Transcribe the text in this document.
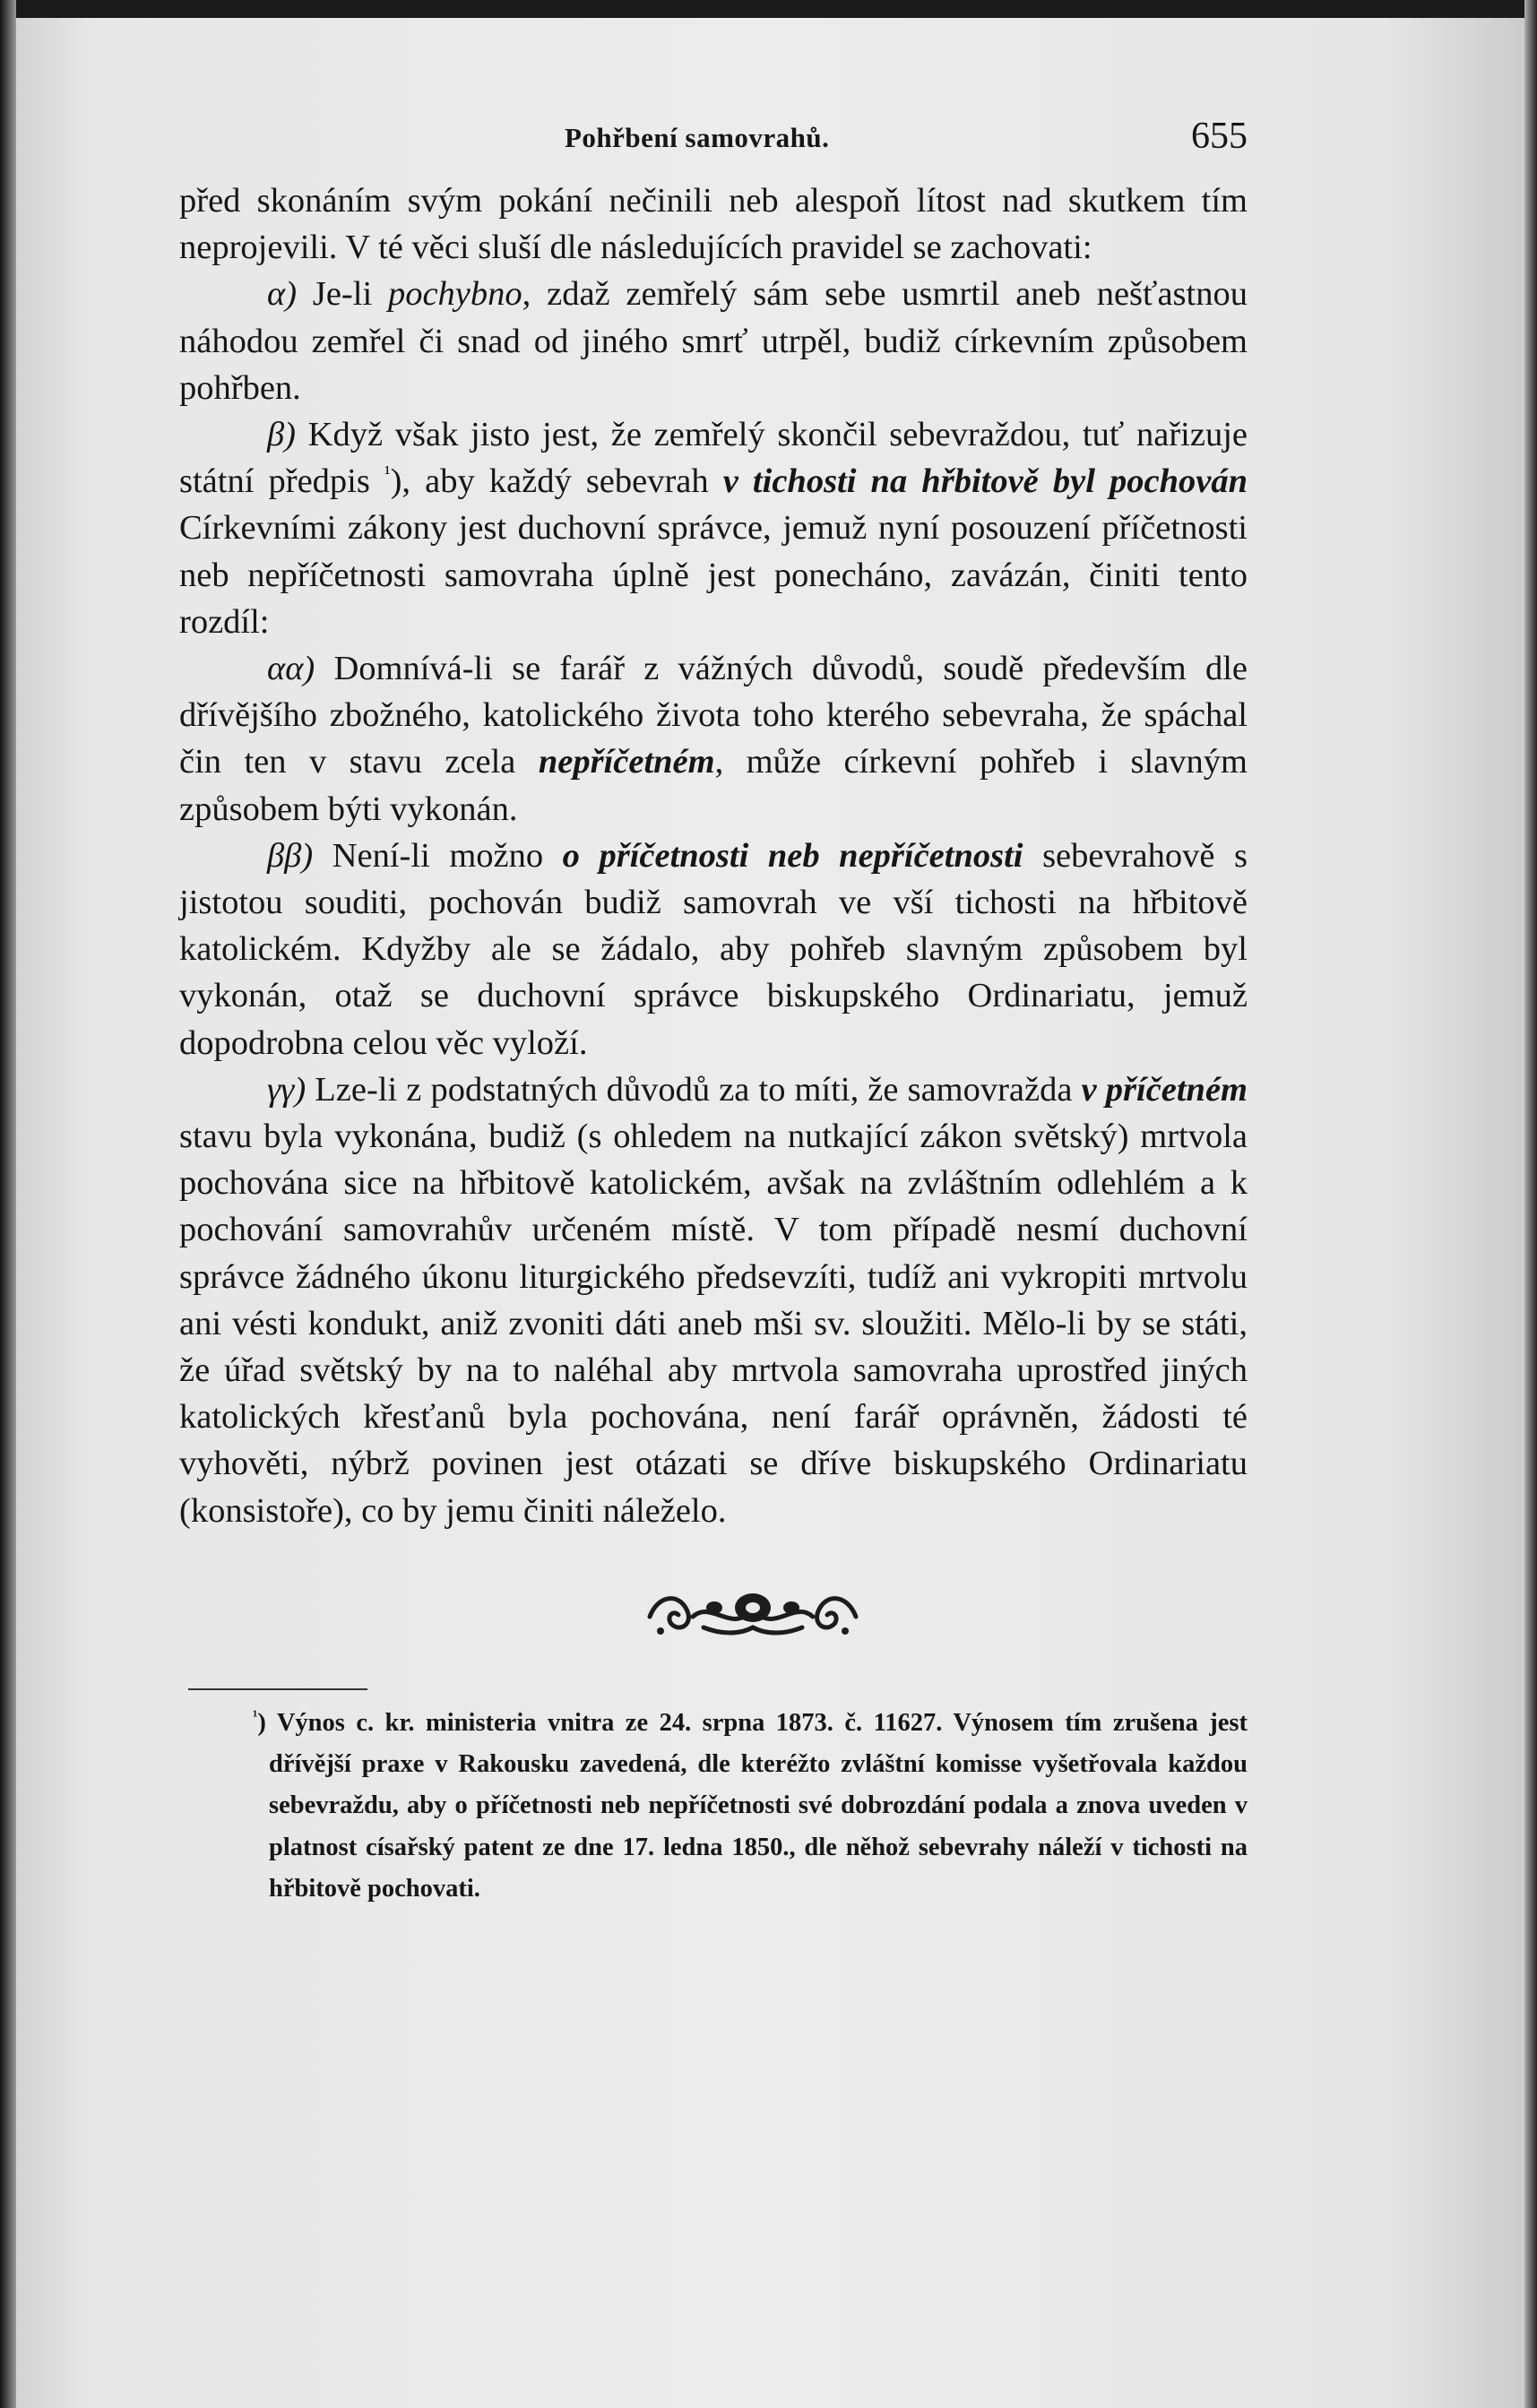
Pohřbení samovrahů.	655

před skonáním svým pokání nečinili neb alespoň lítost nad skutkem tím neprojevili. V té věci sluší dle následujících pravidel se zachovati:

α) Je-li pochybno, zdaž zemřelý sám sebe usmrtil aneb nešťastnou náhodou zemřel či snad od jiného smrť utrpěl, budiž církevním způsobem pohřben.

β) Když však jisto jest, že zemřelý skončil sebevraždou, tuť nařizuje státní předpis $^{^1}$), aby každý sebevrah v tichosti na hřbitově byl pochován Církevními zákony jest duchovní správce, jemuž nyní posouzení příčetnosti neb nepříčetnosti samovraha úplně jest ponecháno, zavázán, činiti tento rozdíl:

αα) Domnívá-li se farář z vážných důvodů, soudě především dle dřívějšího zbožného, katolického života toho kterého sebevraha, že spáchal čin ten v stavu zcela nepříčetném, může církevní pohřeb i slavným způsobem býti vykonán.

ββ) Není-li možno o příčetnosti neb nepříčetnosti sebevrahově s jistotou souditi, pochován budiž samovrah ve vší tichosti na hřbitově katolickém. Kdyžby ale se žádalo, aby pohřeb slavným způsobem byl vykonán, otaž se duchovní správce biskupského Ordinariatu, jemuž dopodrobna celou věc vyloží.

γγ) Lze-li z podstatných důvodů za to míti, že samovražda v příčetném stavu byla vykonána, budiž (s ohledem na nutkající zákon světský) mrtvola pochována sice na hřbitově katolickém, avšak na zvláštním odlehlém a k pochování samovrahův určeném místě. V tom případě nesmí duchovní správce žádného úkonu liturgického předsevzíti, tudíž ani vykropiti mrtvolu ani vésti kondukt, aniž zvoniti dáti aneb mši sv. sloužiti. Mělo-li by se státi, že úřad světský by na to naléhal aby mrtvola samovraha uprostřed jiných katolických křesťanů byla pochována, není farář oprávněn, žádosti té vyhověti, nýbrž povinen jest otázati se dříve biskupského Ordinariatu (konsistoře), co by jemu činiti náleželo.

$^{^1}$) Výnos c. kr. ministeria vnitra ze 24. srpna 1873. č. 11627. Výnosem tím zrušena jest dřívější praxe v Rakousku zavedená, dle kteréžto zvláštní komisse vyšetřovala každou sebevraždu, aby o příčetnosti neb nepříčetnosti své dobrozdání podala a znova uveden v platnost císařský patent ze dne 17. ledna 1850., dle něhož sebevrahy náleží v tichosti na hřbitově pochovati.
